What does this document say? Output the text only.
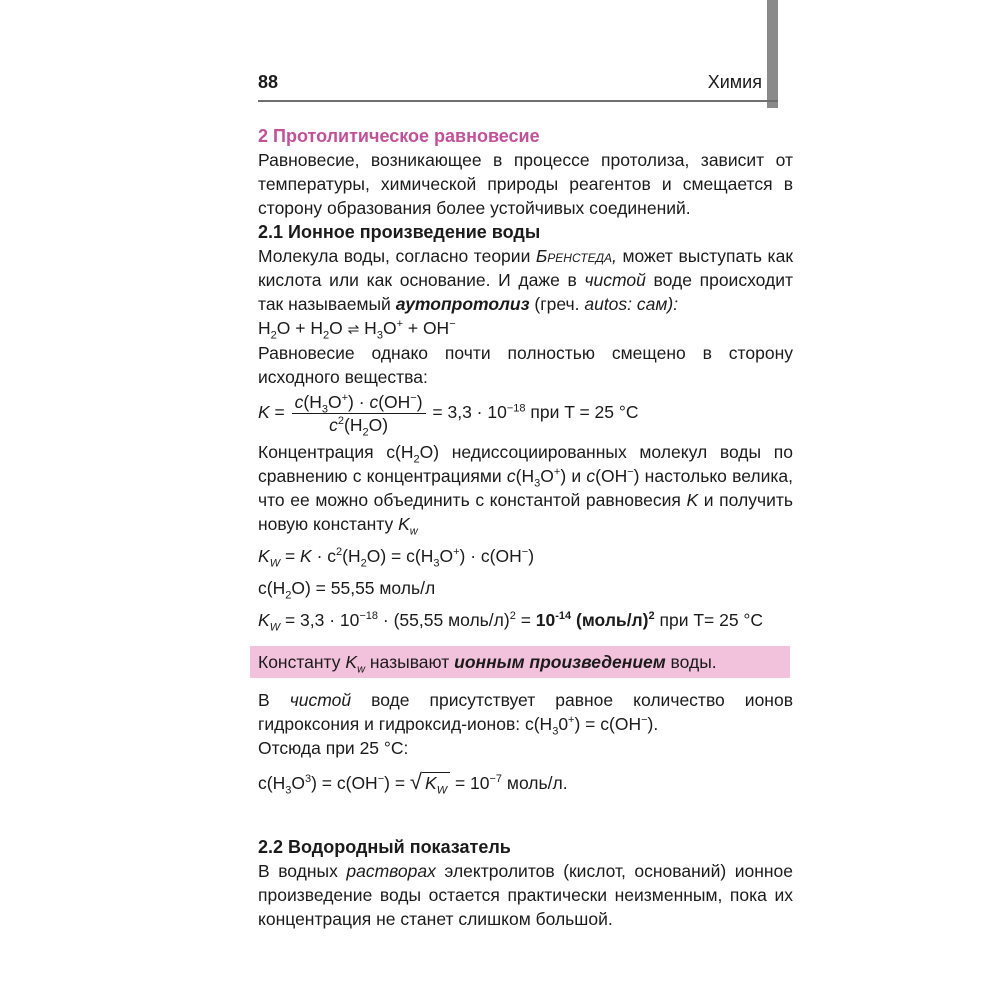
88	Химия
2 Протолитическое равновесие

Равновесие, возникающее в процессе протолиза, зависит от температуры, химической природы реагентов и смещается в сторону образования более устойчивых соединений.

2.1 Ионное произведение воды

Молекула воды, согласно теории Бренстеда, может выступать как кислота или как основание. И даже в чистой воде происходит так называемый аутопротолиз (греч. autos: сам):

$H_2O + H_2O$ ⇌ $H_3O^+ + OH^-$

Равновесие однако почти полностью смещено в сторону исходного вещества:

$K = \frac{c(H_3O^+) \cdot c(OH^-)}{c^2(H_2O)} = 3,3 \cdot 10^{-18}$ при T = 25 °C

Концентрация $c(H_2O)$ недиссоциированных молекул воды по сравнению с концентрациями $c(H_3O^+)$ и c(OH−) настолько велика, что ее можно объединить с константой равновесия K и получить новую константу $K_w$

$K_W = K \cdot c^2(H_2O) = c(H_3O^+) \cdot c(OH^-)$
$c(H_2O) = 55,55$ моль/л
$K_W = 3,3 \cdot 10^{-18} \cdot (55,55$ моль/л)$^2$ = $10^{-14}$ (моль/л)$^2$ при T= 25 °C
Константу $K_w$ называют ионным произведением воды.

В чистой воде присутствует равное количество ионов гидроксония и гидроксид-ионов: $c(H_30^+) = c(OH^-)$.

Отсюда при 25 °C:

$c(H_3O^3) = c(OH^-)$ = √ $K_W = 10^{-7}$ моль/л.
2.2 Водородный показатель

В водных растворах электролитов (кислот, оснований) ионное произведение воды остается практически неизменным, пока их концентрация не станет слишком большой.
